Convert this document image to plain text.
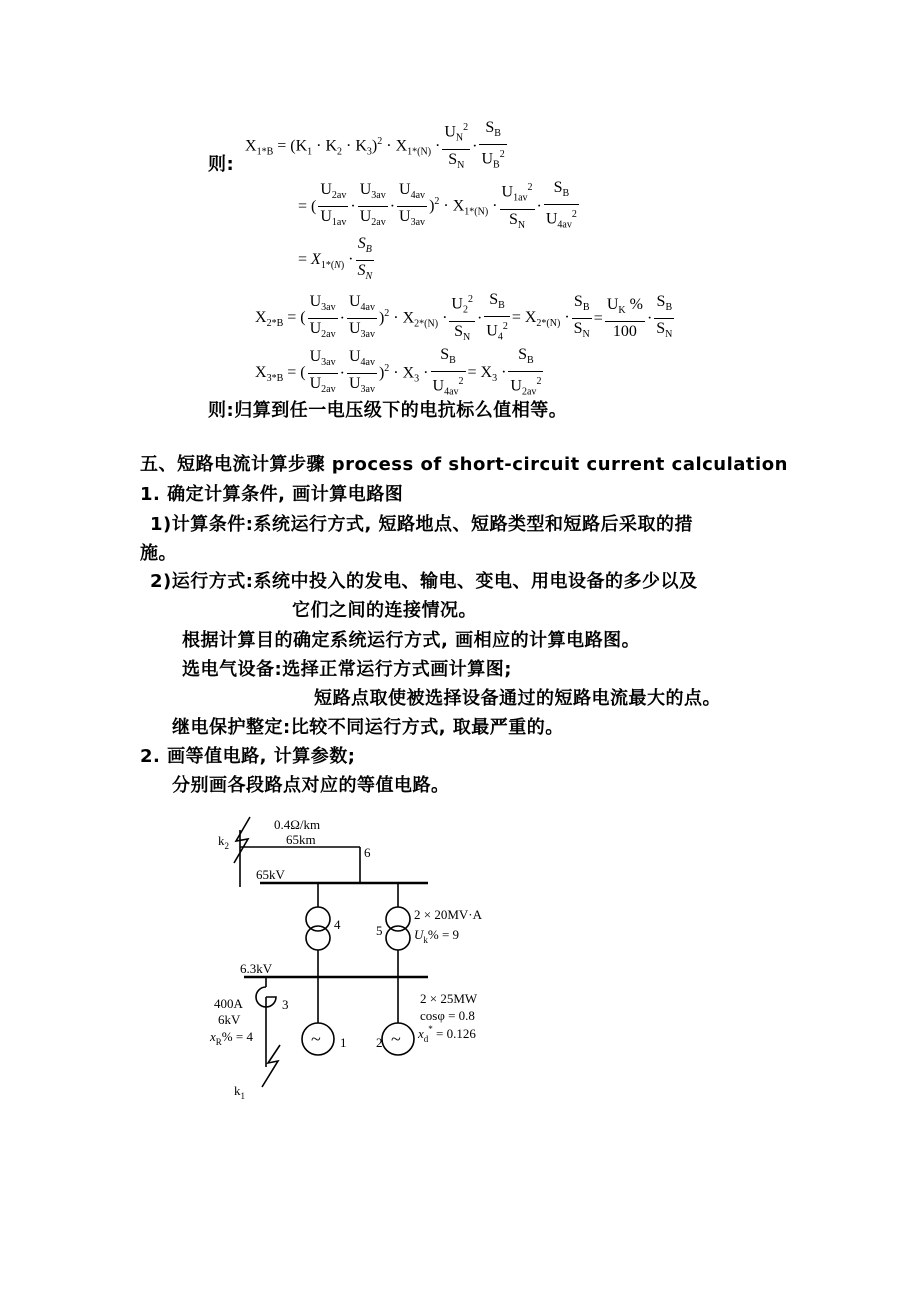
$X_{1*B} = (K_1 \cdot K_2 \cdot K_3)^2 \cdot X_{1*(N)} \cdot \frac{U_N^2}{S_N} \cdot \frac{S_B}{U_B^2}$
则:
= ( $\frac{U_{2av}}{U_{1av}} \cdot \frac{U_{3av}}{U_{2av}} \cdot \frac{U_{4av}}{U_{3av}} )^2 \cdot X_{1*(N)} \cdot \frac{U_{1av}^2}{S_N} \cdot \frac{S_B}{U_{4av}^2}$
= $X_{1*(N)} \cdot \frac{S_B}{S_N}$
$X_{2*B}$ = ( $\frac{U_{3av}}{U_{2av}} \cdot \frac{U_{4av}}{U_{3av}} )^2 \cdot X_{2*(N)} \cdot \frac{U_2^2}{S_N} \cdot \frac{S_B}{U_4^2} = X_{2*(N)} \cdot \frac{S_B}{S_N} = \frac{U_K \%}{100} \cdot \frac{S_B}{S_N}$
$X_{3*B}$ = ( $\frac{U_{3av}}{U_{2av}} \cdot \frac{U_{4av}}{U_{3av}} )^2 \cdot X_3 \cdot \frac{S_B}{U_{4av}^2} = X_3 \cdot \frac{S_B}{U_{2av}^2}$
则:归算到任一电压级下的电抗标么值相等。
五、短路电流计算步骤 process of short-circuit current calculation
1. 确定计算条件, 画计算电路图
1)计算条件:系统运行方式, 短路地点、短路类型和短路后采取的措
施。
2)运行方式:系统中投入的发电、输电、变电、用电设备的多少以及
它们之间的连接情况。
根据计算目的确定系统运行方式, 画相应的计算电路图。
选电气设备:选择正常运行方式画计算图;
短路点取使被选择设备通过的短路电流最大的点。
继电保护整定:比较不同运行方式, 取最严重的。
2. 画等值电路, 计算参数;
分别画各段路点对应的等值电路。
~	~
0.4Ω/km
65km
$k_2$	6
65kV
4	5
2 × 20MV·A
$U_k\% = 9$
6.3kV
3
400A
6kV
$x_R\% = 4$
2 × 25MW
cosφ = 0.8
$x_d^* = 0.126$
1 2
$k_1$
